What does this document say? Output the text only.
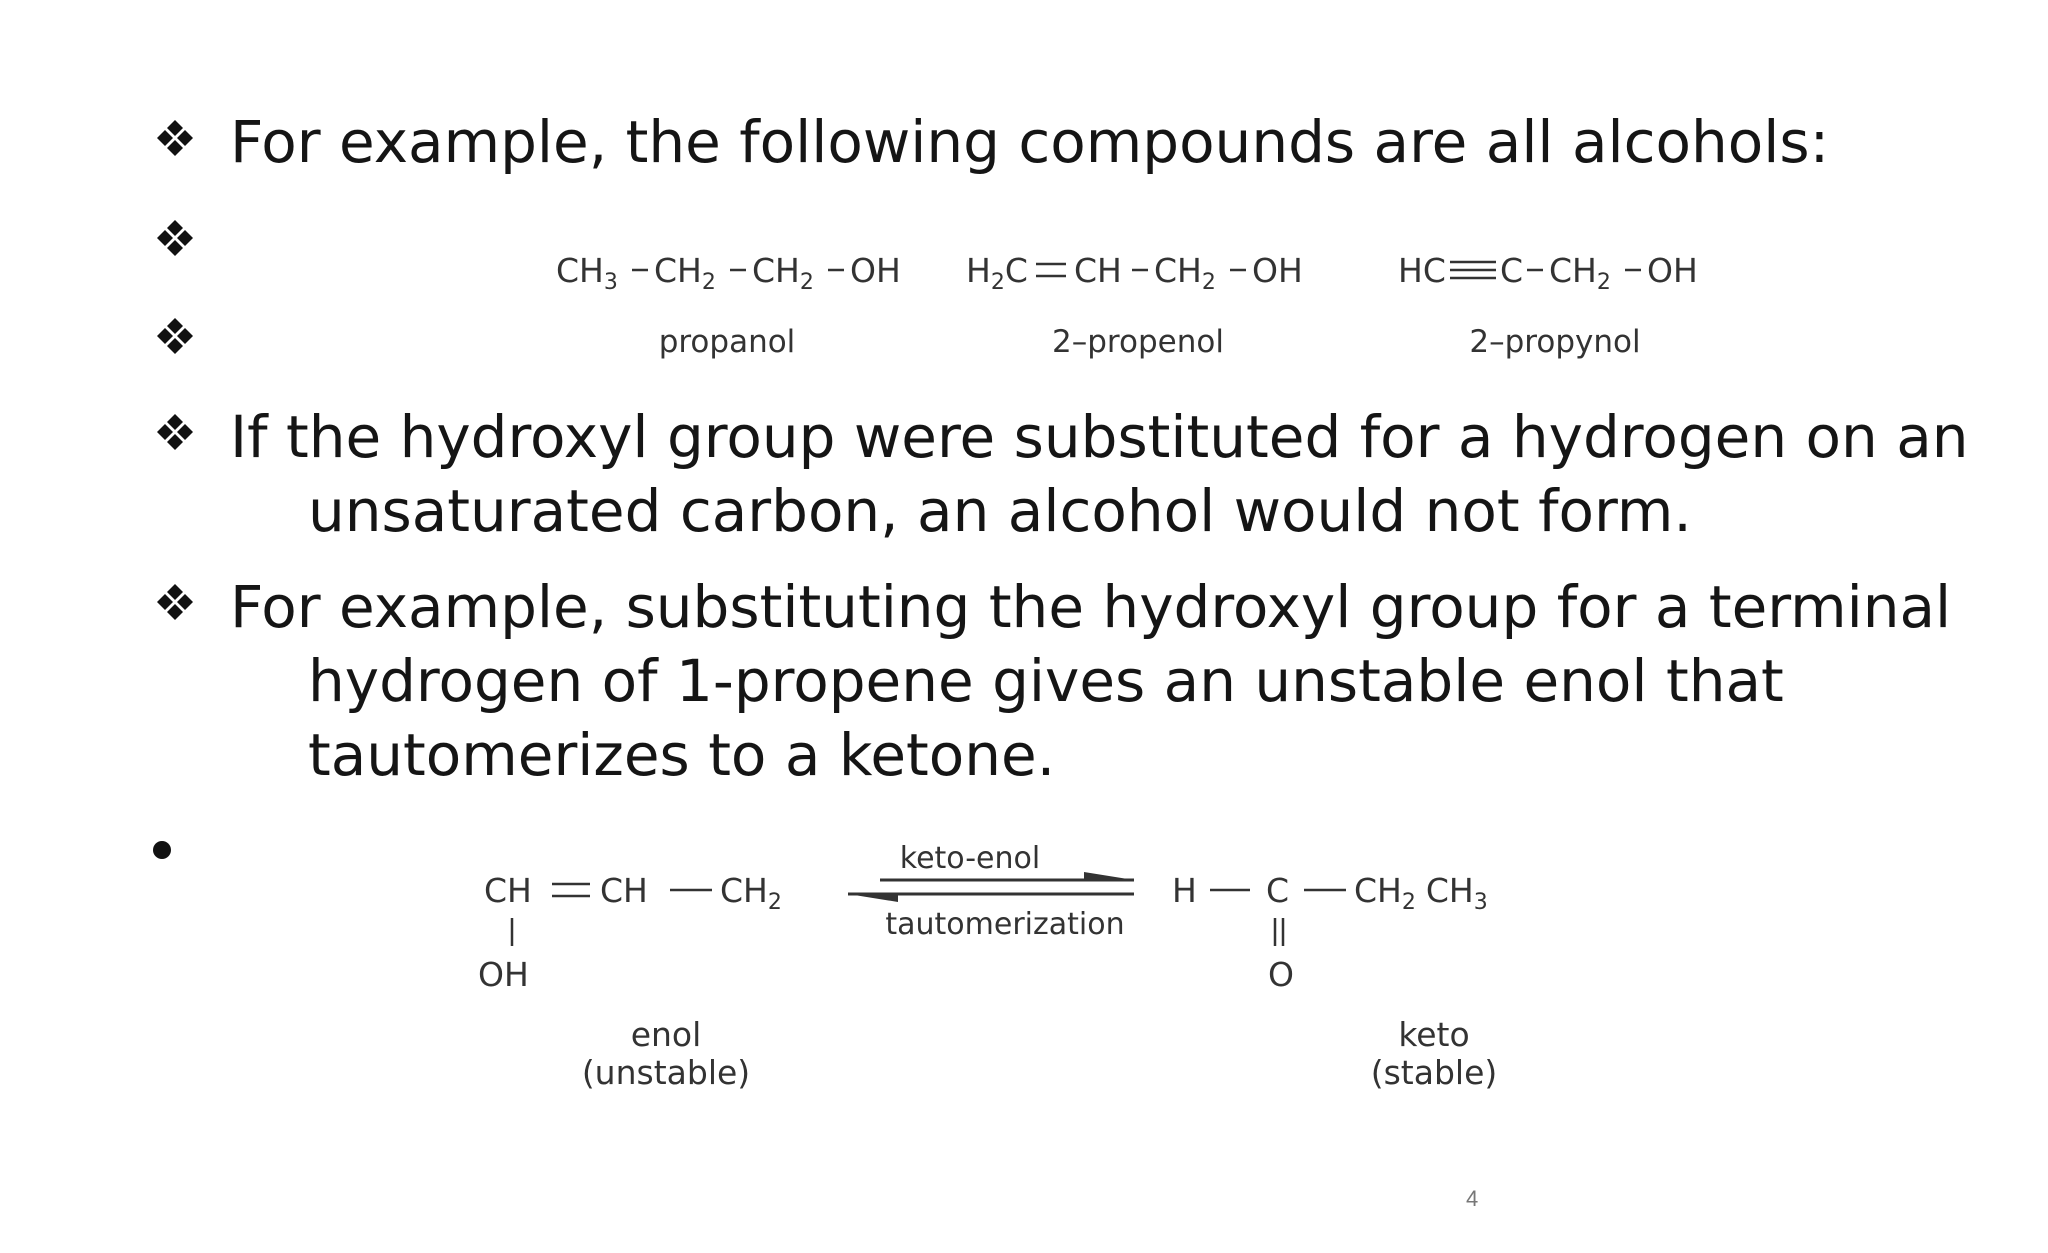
For example, the following compounds are all alcohols:
If the hydroxyl group were substituted for a hydrogen on an
unsaturated carbon, an alcohol would not form.
For example, substituting the hydroxyl group for a terminal
hydrogen of 1-propene gives an unstable enol that
tautomerizes to a ketone.
$CH_3$ $CH_2$ $CH_2$ OH
propanol
$H_2C$ CH $CH_2$ OH
2–propenol
HC C $CH_2$ OH
2–propynol
CH CH $CH_2$
OH
enol
(unstable)
keto-enol
tautomerization
H C $CH_2$ $CH_3$
O
keto
(stable)
4
